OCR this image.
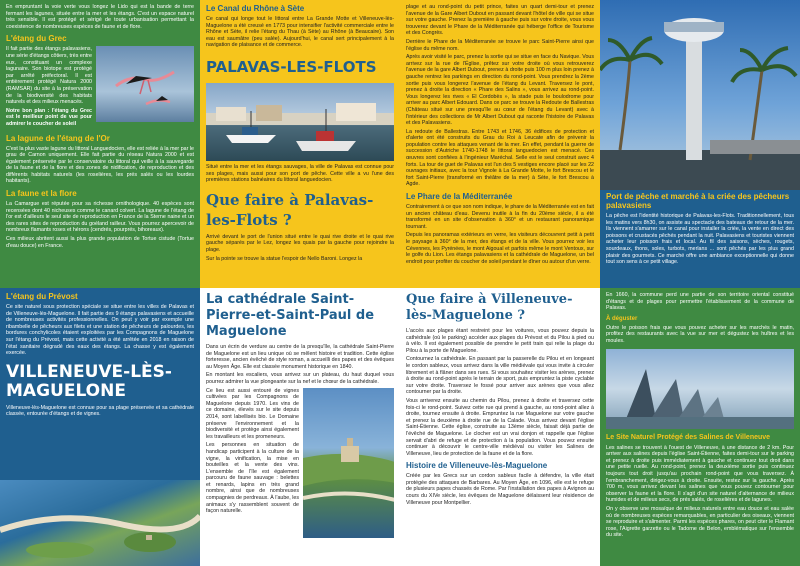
En empruntant la voie verte vous longez le Lido qui est la bande de terre fermant les lagunes, située entre la mer et les étangs. C'est un espace naturel très sensible. Il est protégé et sérigé de toute urbanisation permettant la coexistence de nombreuses espèces de faune et de flore.
L'étang du Grec

Il fait partie des étangs palavasiens, une série d'étangs côtiers, très entre eux, constituant un complexe lagunaire. Son biotope est protégé par arrêté préfectoral. Il est entièrement protégé Natura 2000 (RAMSAR) du site à la préservation de la biodiversité des habitats naturels et des milieux menacés.

Notre bon plan : l'étang du Grec est le meilleur point de vue pour admirer le coucher de soleil

La lagune de l'étang de l'Or
C'est la plus vaste lagune du littoral Languedocien, elle est reliée à la mer par le grau de Carnon uniquement. Elle fait partie du réseau Natura 2000 et est également préservée par le conservatoire du littoral qui veille à la sauvegarde de la faune et de la flore et des zones de nidification, de reproduction et des différents habitats naturels (les roselières, les prés salés ou les lourdes habitants).
La faune et la flore

La Camargue est réputée pour sa richesse ornithologique. 40 espèces sont recensées dont 40 nicheuses comme le canard colvert. La lagune de l'étang de l'or est d'ailleurs le seul site de reproduction en France de la Sterne naine et un des rares sites de reproduction du goéland railleur. Vous pourrez apercevoir de nombreux flamants roses et hérons (cendrés, pourprés, bihoreaux).

Ces milieux abritent aussi la plus grande population de Tortue cistude (Tortue d'eau douce) en France.

Le Canal du Rhône à Sète
Ce canal qui longe tout le littoral entre La Grande Motte et Villeneuve-lès-Maguelone a été creusé en 1773 pour intensifier l'activité commerciale entre le Rhône et Sète, il relie l'étang du Thau (à Sète) au Rhône (à Beaucaire). Son eau est saumâtre (peu salée). Aujourd'hui, le canal sert principalement à la navigation de plaisance et de commerce.
PALAVAS-LES-FLOTS
Situé entre la mer et les étangs sauvages, la ville de Palavas est connue pour ses plages, mais aussi pour son port de pêche. Cette ville a vu l'une des premières stations balnéaires du littoral languedocien.
Que faire à Palavas-les-Flots ?

Arrivé devant le port de l'union situé entre le quai rive droite et le quai rive gauche séparés par le Lez, longez les quais par la gauche pour rejoindre la plage.

Sur la pointe se trouve la statue l'espoir de Nello Baroni. Longez la

plage et au rond-point du petit prince, faites un quart demi-tour et prenez l'avenue de la Gare Albert Dubout en passant devant l'hôtel de ville qui se situe sur votre gauche. Prenez la première à gauche puis sur votre droite, vous vous trouverez devant le Phare de la Méditerranée qui héberge l'office de Tourisme et des Congrès.

Derrière le Phare de la Méditerranée se trouve le parc Saint-Pierre ainsi que l'église du même nom.

Après avoir visité le parc, prenez la sortie qui se situe en face du Navique. Vous arrivez sur la rue de l'Église, prêtez sur votre droite où vous retrouverez l'avenue de la gare Albert Dubout, prenez à droite puis 100 m plus loin prenez à gauche rentrez les parkings en direction du rond-point. Vous prendrez la 2ème sortie puis vous longerez l'avenue de l'étang du Levant. Traversez le pont, prenez à droite la direction « Phare des Salins », vous arrivez au rond-point. Vous longerez les rives « El Cordobès », la stade puis le boulodrome pour arriver au parc Albert Edouard. Dans ce parc se trouve la Redoute de Ballestras (Château situé sur une presqu'île au cœur de l'étang du Levant) avec à l'intérieur des collections de Mr Albert Dubout qui raconte l'histoire de Palavas et des Palavasiens.

La redoute de Ballestras. Entre 1743 et 1746, 36 édifices de protection et d'alerte ont été construits du Grau du Roi à Leucate afin de prévenir la population contre les attaques venant de la mer. En effet, pendant la guerre de succession d'Autriche 1740-1748 le littoral languedocien est menacé. Ces œuvres sont confiées à l'ingénieur Maréchal. Selle est le seul construit avec 4 forts. La tour de guet de Palavas est l'un des 5 vestiges encore placé sur les 22 ouvrages initiaux, avec la tour Vignole à La Grande Motte, le fort Brescou et le fort Saint-Pierre (transformé en théâtre de la mer) à Sète, le fort Brescou à Agde.

Le Phare de la Méditerranée

Contrairement à ce que son nom indique, le phare de la Méditerranée est en fait un ancien château d'eau. Devenu inutile à la fin du 20ème siècle, il a été transformé en un site d'observation à 360° et un restaurant panoramique tournant.

Depuis les panoramas extérieurs en verre, les visiteurs découvrent petit à petit le paysage à 360° de la mer, des étangs et de la ville. Vous pourrez voir les Cévennes, les Pyrénées, le mont Aigoual et parfois même le mont Ventoux, sur le golfe du Lion. Les étangs palavasiens et la cathédrale de Maguelone, un bel endroit pour profiter du coucher de soleil pendant le dîner ou autour d'un verre.

Port de pêche et marché à la criée des pêcheurs palavasiens
La pêche est l'identité historique de Palavas-les-Flots. Traditionnellement, tous les matins vers 8h30, on assiste au spectacle des bateaux de retour de la mer. Ils viennent s'amarrer sur le canal pour installer la criée, la vente en direct des poissons et crustacés pêchés pendant la nuit. Palavasiens et touristes viennent acheter leur poisson frais et local. Au fil des saisons, sèches, rougets, sourdeaux, thons, soles, turbots, merlans ... sont pêchés par les plus grand plaisir des gourmets. Ce marché offre une ambiance exceptionnelle qui donne tout son sens à ce petit village.
L'étang du Prévost
Ce site naturel sous protection spéciale se situe entre les villes de Palavas et de Villeneuve-lès-Maguelone. Il fait partie des 9 étangs palavasiens et accueille de nombreuses activités professionnelles. On peut y voir par exemple une ribambelle de pêcheurs aux filets et une station de pêcheurs de palourdes, les bordures conchylicoles étaient exploitées par les Compagnons de Maguelone sur l'étang du Prévost, mais cette activité a été arrêtée en 2018 en raison de l'état sanitaire dégradé des eaux des étangs. La chasse y est également exercée.
VILLENEUVE-LÈS-MAGUELONE
Villeneuve-lès-Maguelone est connue pour sa plage préservée et sa cathédrale classée, entourée d'étangs et de vignes.
La cathédrale Saint-Pierre-et-Saint-Paul de Maguelone

Dans un écrin de verdure au centre de la presqu'île, la cathédrale Saint-Pierre de Maguelone est un lieu unique où se mêlent histoire et tradition. Cette église forteresse, ancien évêché de style roman, a accueilli des papes et des évêques au Moyen Âge. Elle est classée monument historique en 1840.

En montant les escaliers, vous arrivez sur un plateau, du haut duquel vous pourrez admirer la vue plongeante sur la nef et le chœur de la cathédrale.

Ce lieu est aussi entouré de vignes cultivées par les Compagnons de Maguelone depuis 1970. Les vins de ce domaine, élevés sur le site depuis 2014, sont labellisés bio. Le Domaine préserve l'environnement et la biodiversité et protège ainsi également les travailleurs et les promeneurs.

Les personnes en situation de handicap participent à la culture de la vigne, la vinification, la mise en bouteilles et la vente des vins. L'ensemble de l'île est également parcouru de faune sauvage : belettes et renards, lapins en très grand nombre, ainsi que de nombreuses compagnies de perdreaux. À l'aube, les animaux s'y rassemblent souvent de façon naturelle.

Que faire à Villeneuve-lès-Maguelone ?

L'accès aux plages étant restreint pour les voitures, vous pouvez depuis la cathédrale (où le parking) accéder aux plages du Prévost et du Pilou à pied ou à vélo. Il est également possible de prendre le petit train qui relie la plage du Pilou à la porte de Maguelone.

Contournez la cathédrale. En passant par la passerelle du Pilou et en longeant le cordon sableux, vous arrivez dans la ville médiévale qui vous invite à circuler librement et à flâner dans ses rues. Si vous souhaitez visiter les arènes, prenez à droite au rond-point après le terrain de sport, puis empruntez la piste cyclable sur votre droite. Traversez le fossé pour arriver aux arènes que vous allez contourner par la droite.

Vous arriverez ensuite au chemin du Pilou, prenez à droite et traversez cette fois-ci le rond-point. Suivez cette rue qui prend à gauche, au rond-point allez à droite, tournez ensuite à droite. Empruntez la rue Maguelone sur votre gauche et prenez la deuxième à droite rue de la Calade. Vous arrivez devant l'église Saint-Étienne. Cette église, construite au 13ème siècle, faisait déjà partie de l'évêché de Maguelone. Le clocher est un vrai donjon et rappelle que l'église servait d'abri de refuge et de protection à la population. Vous pouvez ensuite continuer à découvrir le centre-ville médiéval ou visiter les Salines de Villeneuve, lieu de protection de la faune et de la flore.

Histoire de Villeneuve-lès-Maguelone
Créée par les Grecs sur un cordon sableux facile à défendre, la ville était protégée des attaques de Barbares. Au Moyen Âge, en 1096, elle est le refuge de plusieurs papes chassés de Rome. Par l'installation des papes à Avignon au cours du XIVe siècle, les évêques de Maguelone délaissent leur résidence de Villeneuve pour Montpellier.
En 1660, la commune perd une partie de son territoire oriental constitué d'étangs et de plages pour permettre l'établissement de la commune de Palavas.
À déguster
Outre le poisson frais que vous pouvez acheter sur les marchés le matin, profitez des restaurants avec la vue sur mer et dégustez les huîtres et les moules.
Le Site Naturel Protégé des Salines de Villeneuve

Les salines se trouvent à l'ouest de Villeneuve, à une distance de 2 km. Pour arriver aux salines depuis l'église Saint-Étienne, faites demi-tour sur le parking et prenez à droite puis immédiatement à gauche et continuez tout droit dans une petite ruelle. Au rond-point, prenez la deuxième sortie puis continuez toujours tout droit jusqu'au prochain rond-point que vous traversez. À l'embranchement, dirigez-vous à droite. Ensuite, restez sur la gauche. Après 700 m, vous arrivez devant les salines que vous pouvez contourner pour observer la faune et la flore. Il s'agit d'un site naturel d'alternance de milieux humides et de milieux secs, de prés salés, de roselières et de lagunes.

On y observe une mosaïque de milieux naturels entre eau douce et eau salée où de nombreuses espèces remarquables, en particulier des oiseaux, viennent se reproduire et s'alimenter. Parmi les espèces phares, on peut citer le Flamant rose, l'Aigrette garzette ou le Tadorne de Belon, emblématique sur l'ensemble du site.
